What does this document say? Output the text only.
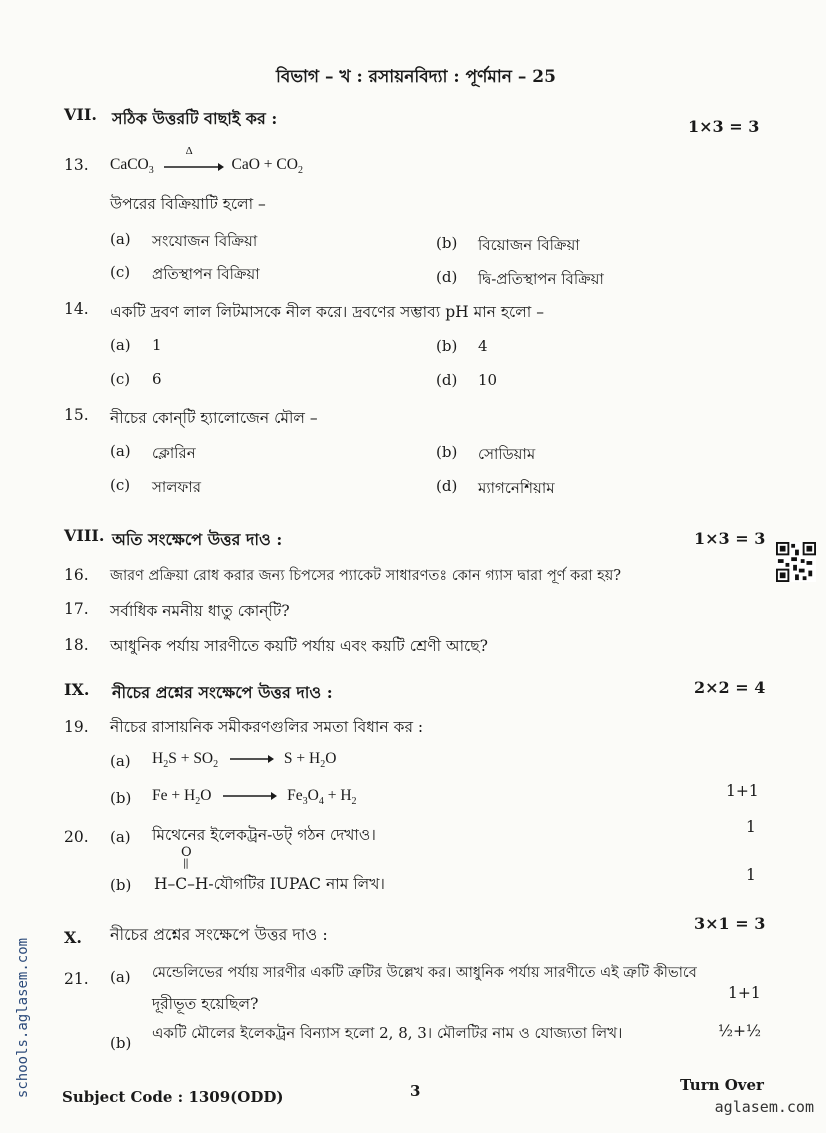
বিভাগ – খ : রসায়নবিদ্যা : পূর্ণমান – 25
VII. সঠিক উত্তরটি বাছাই কর :	1×3 = 3
13. CaCO$_3$
Δ
CaO + $CO_2$
উপরের বিক্রিয়াটি হলো –
(a) সংযোজন বিক্রিয়া	(b) বিয়োজন বিক্রিয়া
(c) প্রতিস্থাপন বিক্রিয়া	(d) দ্বি-প্রতিস্থাপন বিক্রিয়া
14. একটি দ্রবণ লাল লিটমাসকে নীল করে। দ্রবণের সম্ভাব্য pH মান হলো –
(a) 1	(b) 4
(c) 6	(d) 10
15. নীচের কোন্‌টি হ্যালোজেন মৌল –
(a) ক্লোরিন	(b) সোডিয়াম
(c) সালফার	(d) ম্যাগনেশিয়াম
VIII. অতি সংক্ষেপে উত্তর দাও :	1×3 = 3
16. জারণ প্রক্রিয়া রোধ করার জন্য চিপসের প্যাকেট সাধারণতঃ কোন গ্যাস দ্বারা পূর্ণ করা হয়?
17. সর্বাধিক নমনীয় ধাতু কোন্‌টি?
18. আধুনিক পর্যায় সারণীতে কয়টি পর্যায় এবং কয়টি শ্রেণী আছে?
IX. নীচের প্রশ্নের সংক্ষেপে উত্তর দাও :	2×2 = 4
19. নীচের রাসায়নিক সমীকরণগুলির সমতা বিধান কর :
(a) $H_2S + SO_2 \to S + H_2O$
(b) $Fe + H_2O \to Fe_3O_4 + H_2$
1+1
20. (a) মিথেনের ইলেকট্রন-ডট্‌ গঠন দেখাও।	1
O
||
(b) H–C–H-যৌগটির IUPAC নাম লিখ।	1
X. নীচের প্রশ্নের সংক্ষেপে উত্তর দাও :
3×1 = 3
21. (a) মেন্ডেলিভের পর্যায় সারণীর একটি ত্রুটির উল্লেখ কর। আধুনিক পর্যায় সারণীতে এই ত্রুটি কীভাবে
দূরীভূত হয়েছিল?
1+1
(b)
একটি মৌলের ইলেকট্রন বিন্যাস হলো 2, 8, 3। মৌলটির নাম ও যোজ্যতা লিখ।	½+½
Subject Code : 1309(ODD)	3	Turn Over
schools.aglasem.com
aglasem.com
